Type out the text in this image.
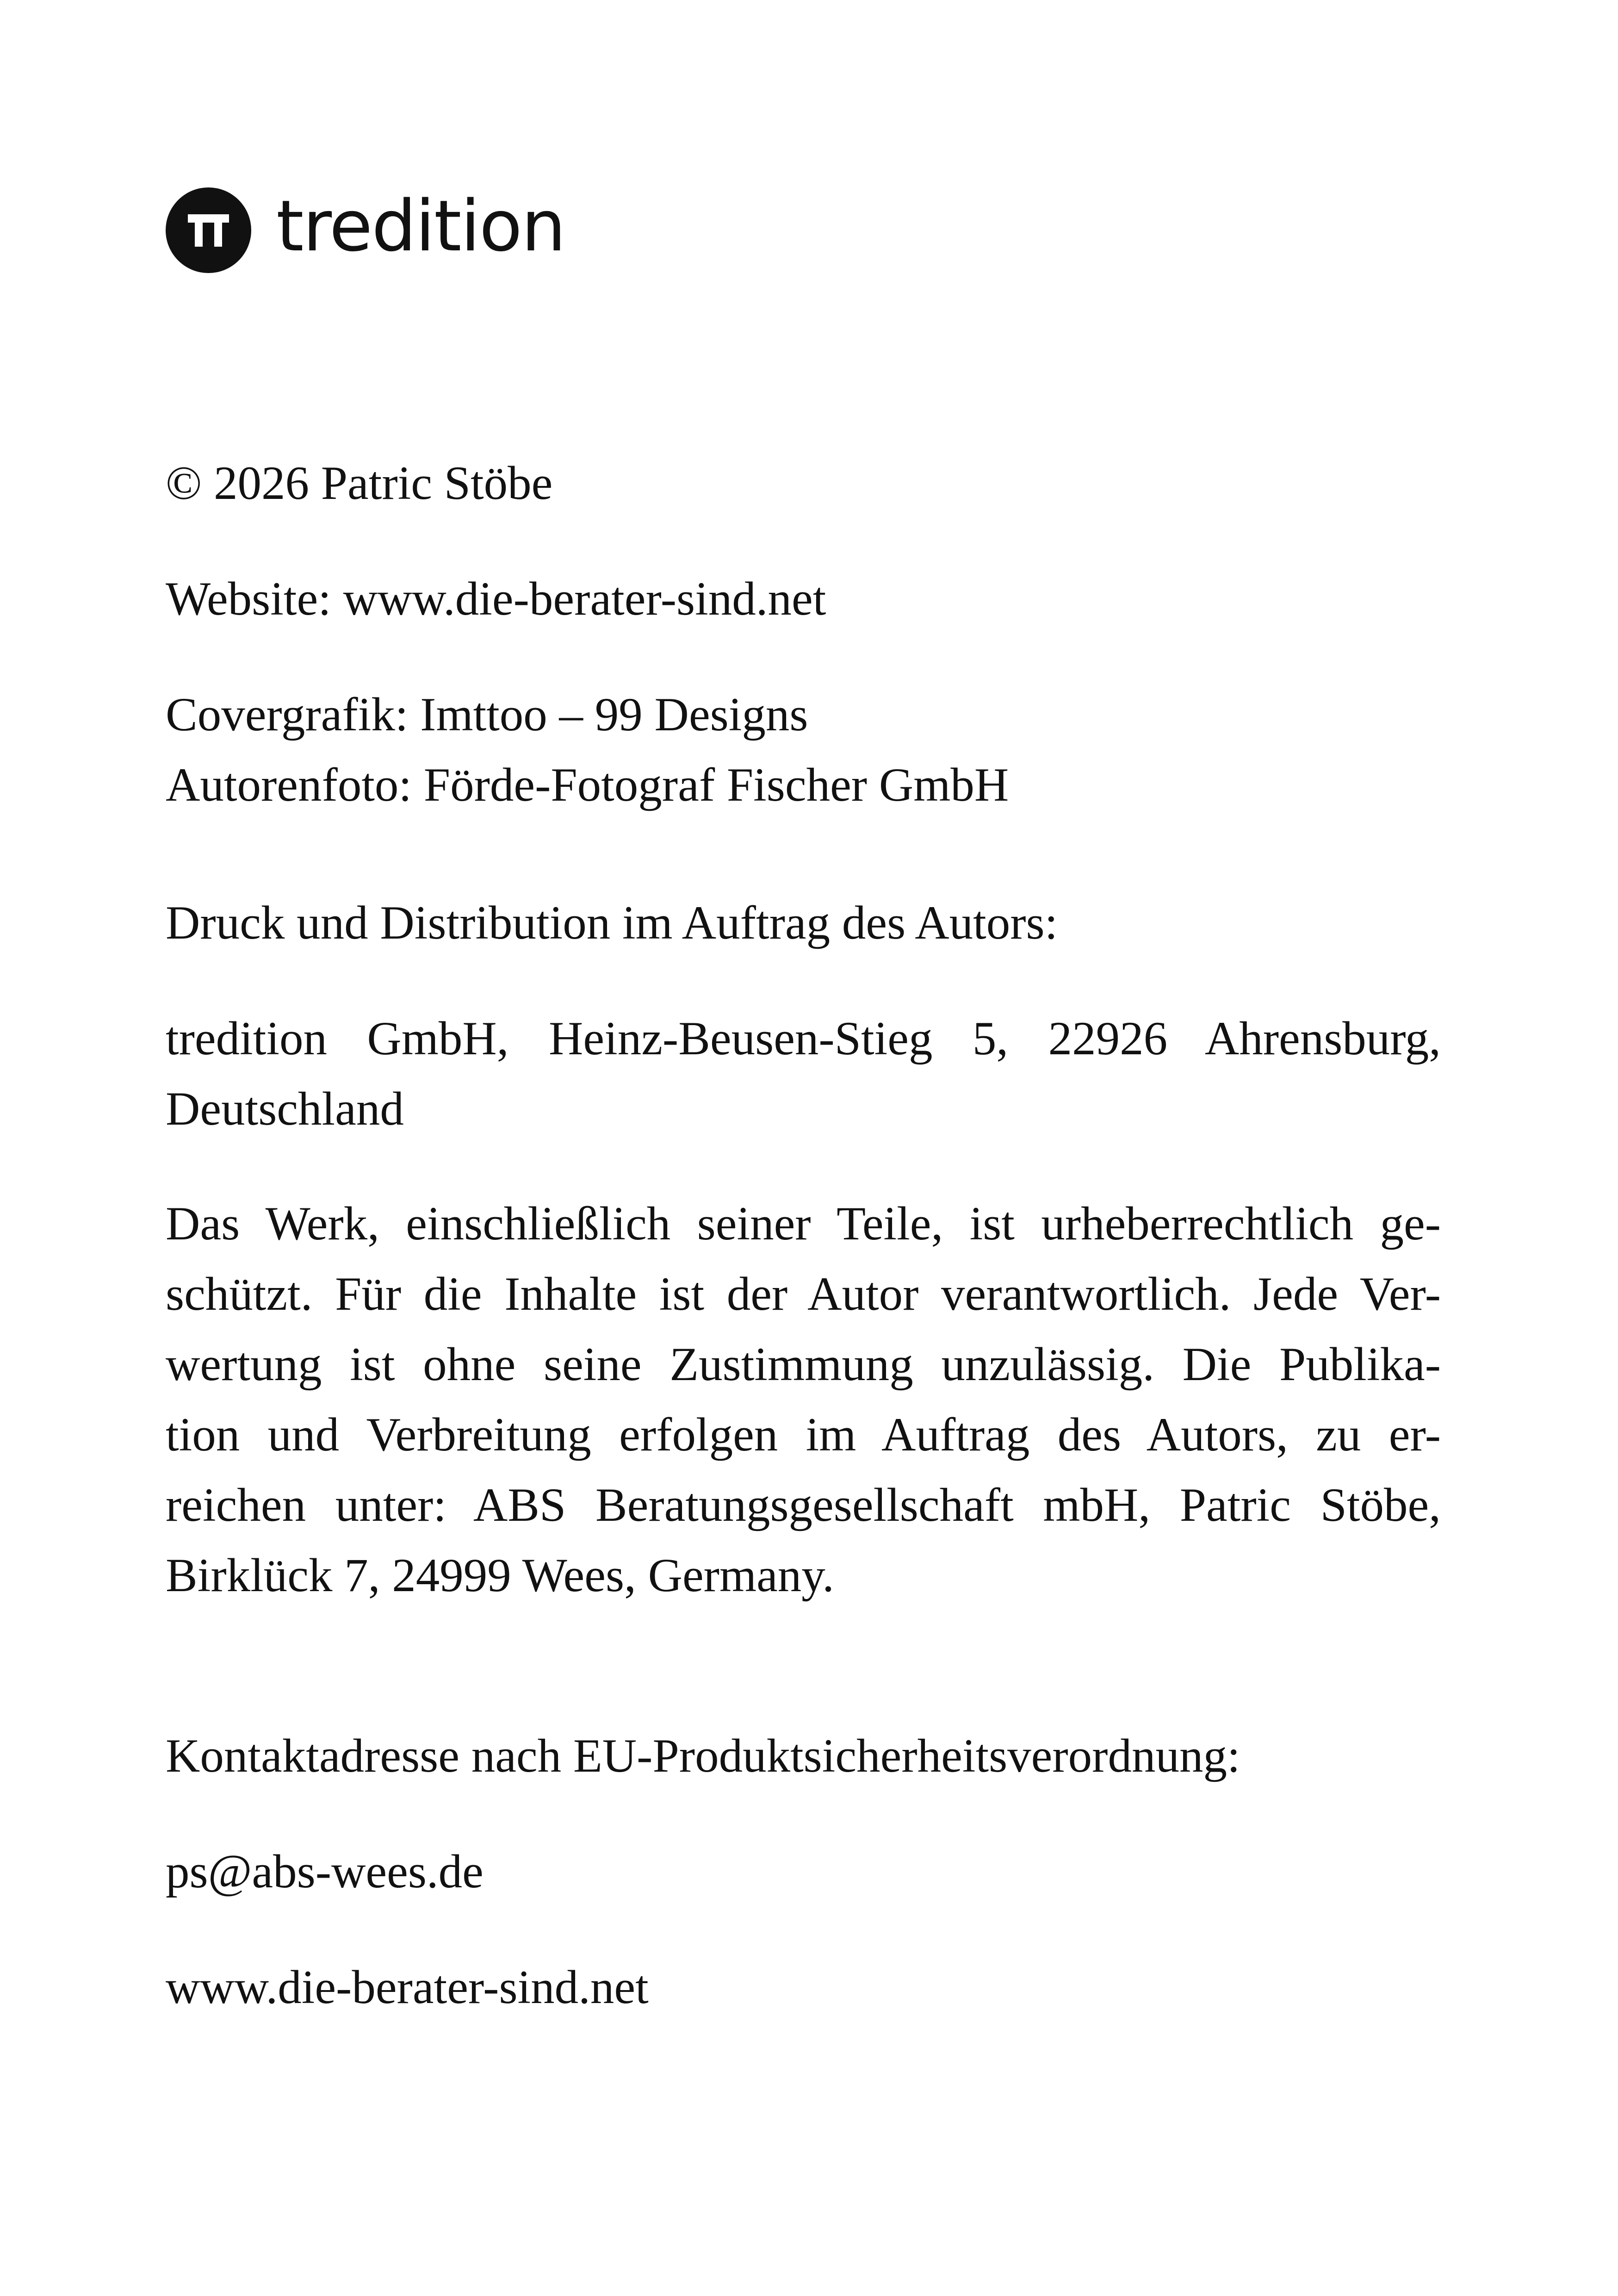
tredition

© 2026 Patric Stöbe

Website: www.die-berater-sind.net

Covergrafik: Imttoo – 99 Designs
Autorenfoto: Förde-Fotograf Fischer GmbH

Druck und Distribution im Auftrag des Autors:

tredition GmbH, Heinz-Beusen-Stieg 5, 22926 Ahrensburg,
Deutschland
Das Werk, einschließlich seiner Teile, ist urheberrechtlich ge-
schützt. Für die Inhalte ist der Autor verantwortlich. Jede Ver-
wertung ist ohne seine Zustimmung unzulässig. Die Publika-
tion und Verbreitung erfolgen im Auftrag des Autors, zu er-
reichen unter: ABS Beratungsgesellschaft mbH, Patric Stöbe,
Birklück 7, 24999 Wees, Germany.

Kontaktadresse nach EU-Produktsicherheitsverordnung:

ps@abs-wees.de

www.die-berater-sind.net
